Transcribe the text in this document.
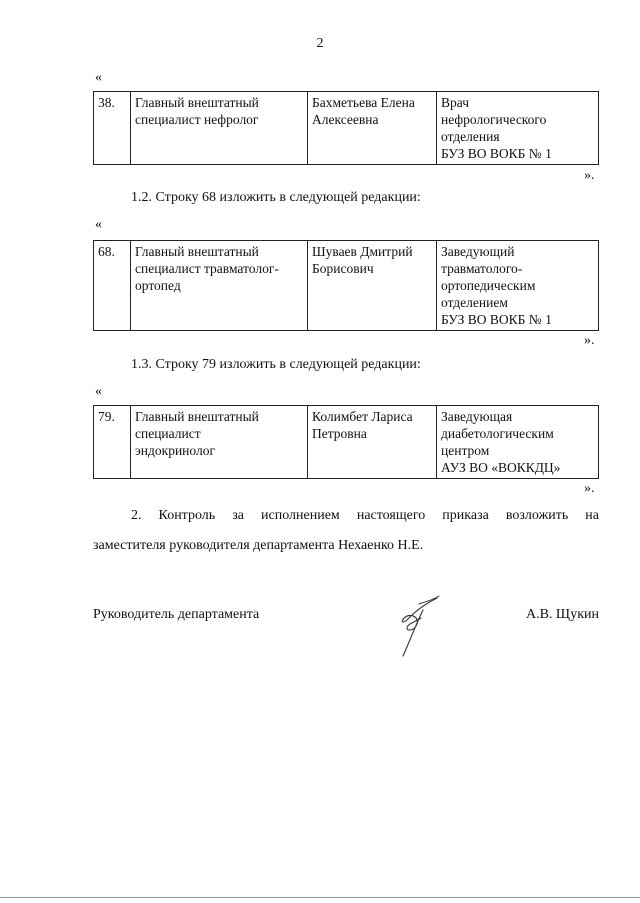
2
«
38.	Главный внештатный
специалист нефролог

Бахметьева Елена
Алексеевна

Врач
нефрологического
отделения
БУЗ ВО ВОКБ № 1
».
1.2. Строку 68 изложить в следующей редакции:
«
68.	Главный внештатный
специалист травматолог-
ортопед

Шуваев Дмитрий
Борисович

Заведующий
травматолого-
ортопедическим
отделением
БУЗ ВО ВОКБ № 1
».
1.3. Строку 79 изложить в следующей редакции:
«
79.	Главный внештатный
специалист
эндокринолог

Колимбет Лариса
Петровна

Заведующая
диабетологическим
центром
АУЗ ВО «ВОККДЦ»
».
2. Контроль за исполнением настоящего приказа возложить на
заместителя руководителя департамента Нехаенко Н.Е.
Руководитель департамента	А.В. Щукин
